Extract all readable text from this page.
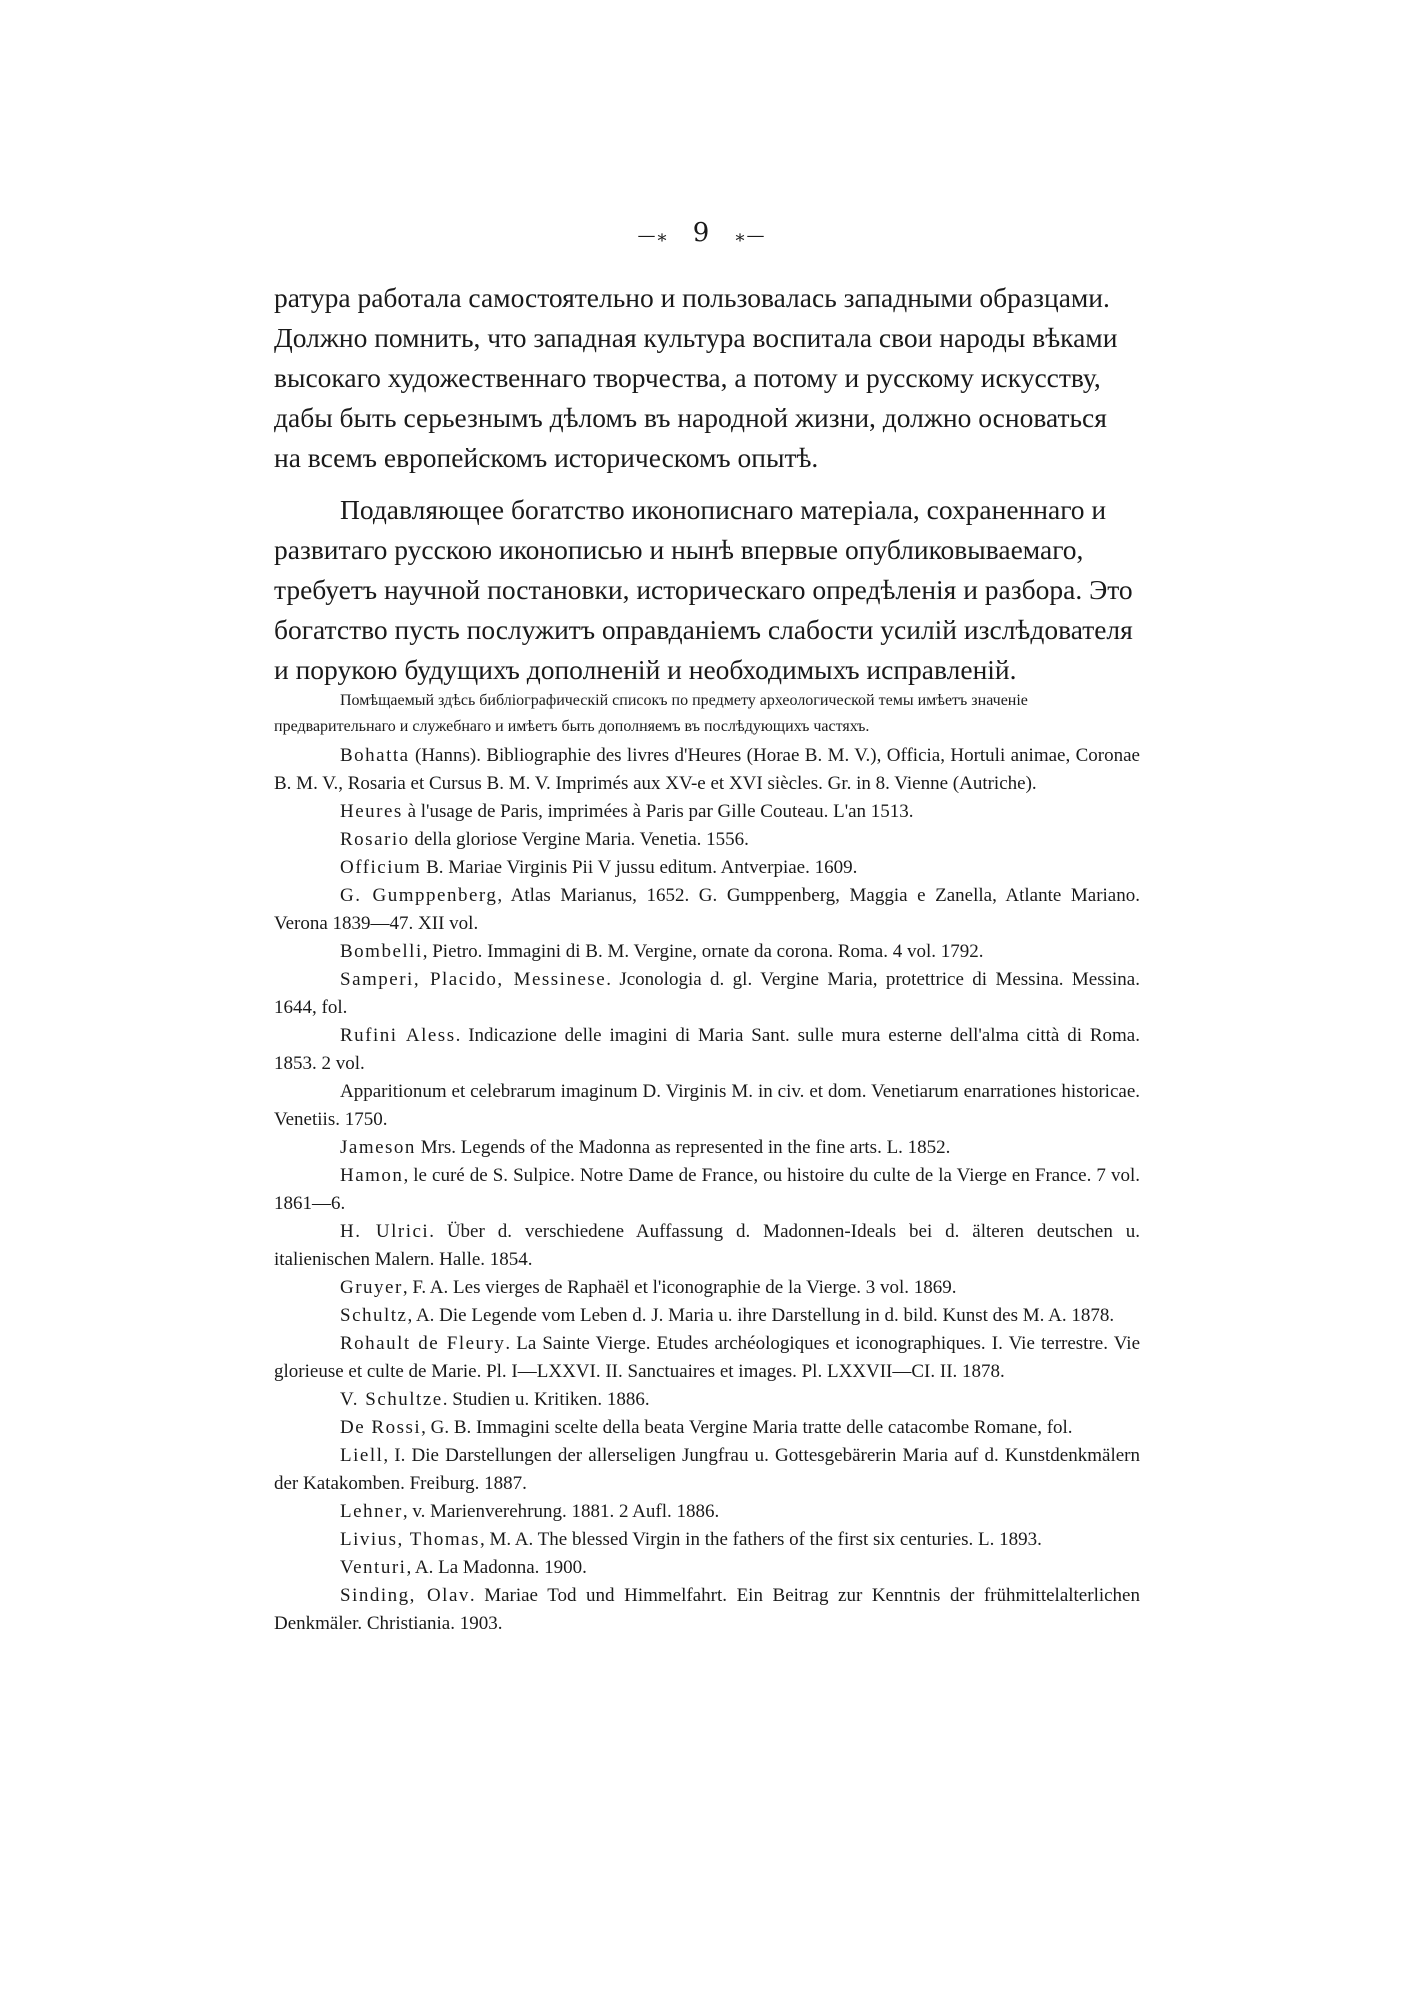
—⁎ 9 ⁎—

ратура работала самостоятельно и пользовалась западными образцами. Должно помнить, что западная культура воспитала свои народы вѣками высокаго художественнаго творчества, а потому и русскому искусству, дабы быть серьезнымъ дѣломъ въ народной жизни, должно основаться на всемъ европейскомъ историческомъ опытѣ.

Подавляющее богатство иконописнаго матеріала, сохраненнаго и развитаго русскою иконописью и нынѣ впервые опубликовываемаго, требуетъ научной постановки, историческаго опредѣленія и разбора. Это богатство пусть послужитъ оправданіемъ слабости усилій изслѣдователя и порукою будущихъ дополненій и необходимыхъ исправленій.

Помѣщаемый здѣсь библіографическій списокъ по предмету археологической темы имѣетъ значеніе предварительнаго и служебнаго и имѣетъ быть дополняемъ въ послѣдующихъ частяхъ.

Bohatta (Hanns). Bibliographie des livres d'Heures (Horae B. M. V.), Officia, Hortuli animae, Coronae B. M. V., Rosaria et Cursus B. M. V. Imprimés aux XV-e et XVI siècles. Gr. in 8. Vienne (Autriche).

Heures à l'usage de Paris, imprimées à Paris par Gille Couteau. L'an 1513.

Rosario della gloriose Vergine Maria. Venetia. 1556.

Officium B. Mariae Virginis Pii V jussu editum. Antverpiae. 1609.

G. Gumppenberg, Atlas Marianus, 1652. G. Gumppenberg, Maggia e Zanella, Atlante Mariano. Verona 1839—47. XII vol.

Bombelli, Pietro. Immagini di B. M. Vergine, ornate da corona. Roma. 4 vol. 1792.

Samperi, Placido, Messinese. Jconologia d. gl. Vergine Maria, protettrice di Messina. Messina. 1644, fol.

Rufini Aless. Indicazione delle imagini di Maria Sant. sulle mura esterne dell'alma città di Roma. 1853. 2 vol.

Apparitionum et celebrarum imaginum D. Virginis M. in civ. et dom. Venetiarum enarrationes historicae. Venetiis. 1750.

Jameson Mrs. Legends of the Madonna as represented in the fine arts. L. 1852.

Hamon, le curé de S. Sulpice. Notre Dame de France, ou histoire du culte de la Vierge en France. 7 vol. 1861—6.

H. Ulrici. Über d. verschiedene Auffassung d. Madonnen-Ideals bei d. älteren deutschen u. italienischen Malern. Halle. 1854.

Gruyer, F. A. Les vierges de Raphaël et l'iconographie de la Vierge. 3 vol. 1869.

Schultz, A. Die Legende vom Leben d. J. Maria u. ihre Darstellung in d. bild. Kunst des M. A. 1878.

Rohault de Fleury. La Sainte Vierge. Etudes archéologiques et iconographiques. I. Vie terrestre. Vie glorieuse et culte de Marie. Pl. I—LXXVI. II. Sanctuaires et images. Pl. LXXVII—CI. II. 1878.

V. Schultze. Studien u. Kritiken. 1886.

De Rossi, G. B. Immagini scelte della beata Vergine Maria tratte delle catacombe Romane, fol.

Liell, I. Die Darstellungen der allerseligen Jungfrau u. Gottesgebärerin Maria auf d. Kunstdenkmälern der Katakomben. Freiburg. 1887.

Lehner, v. Marienverehrung. 1881. 2 Aufl. 1886.

Livius, Thomas, M. A. The blessed Virgin in the fathers of the first six centuries. L. 1893.

Venturi, A. La Madonna. 1900.

Sinding, Olav. Mariae Tod und Himmelfahrt. Ein Beitrag zur Kenntnis der frühmittelalterlichen Denkmäler. Christiania. 1903.
